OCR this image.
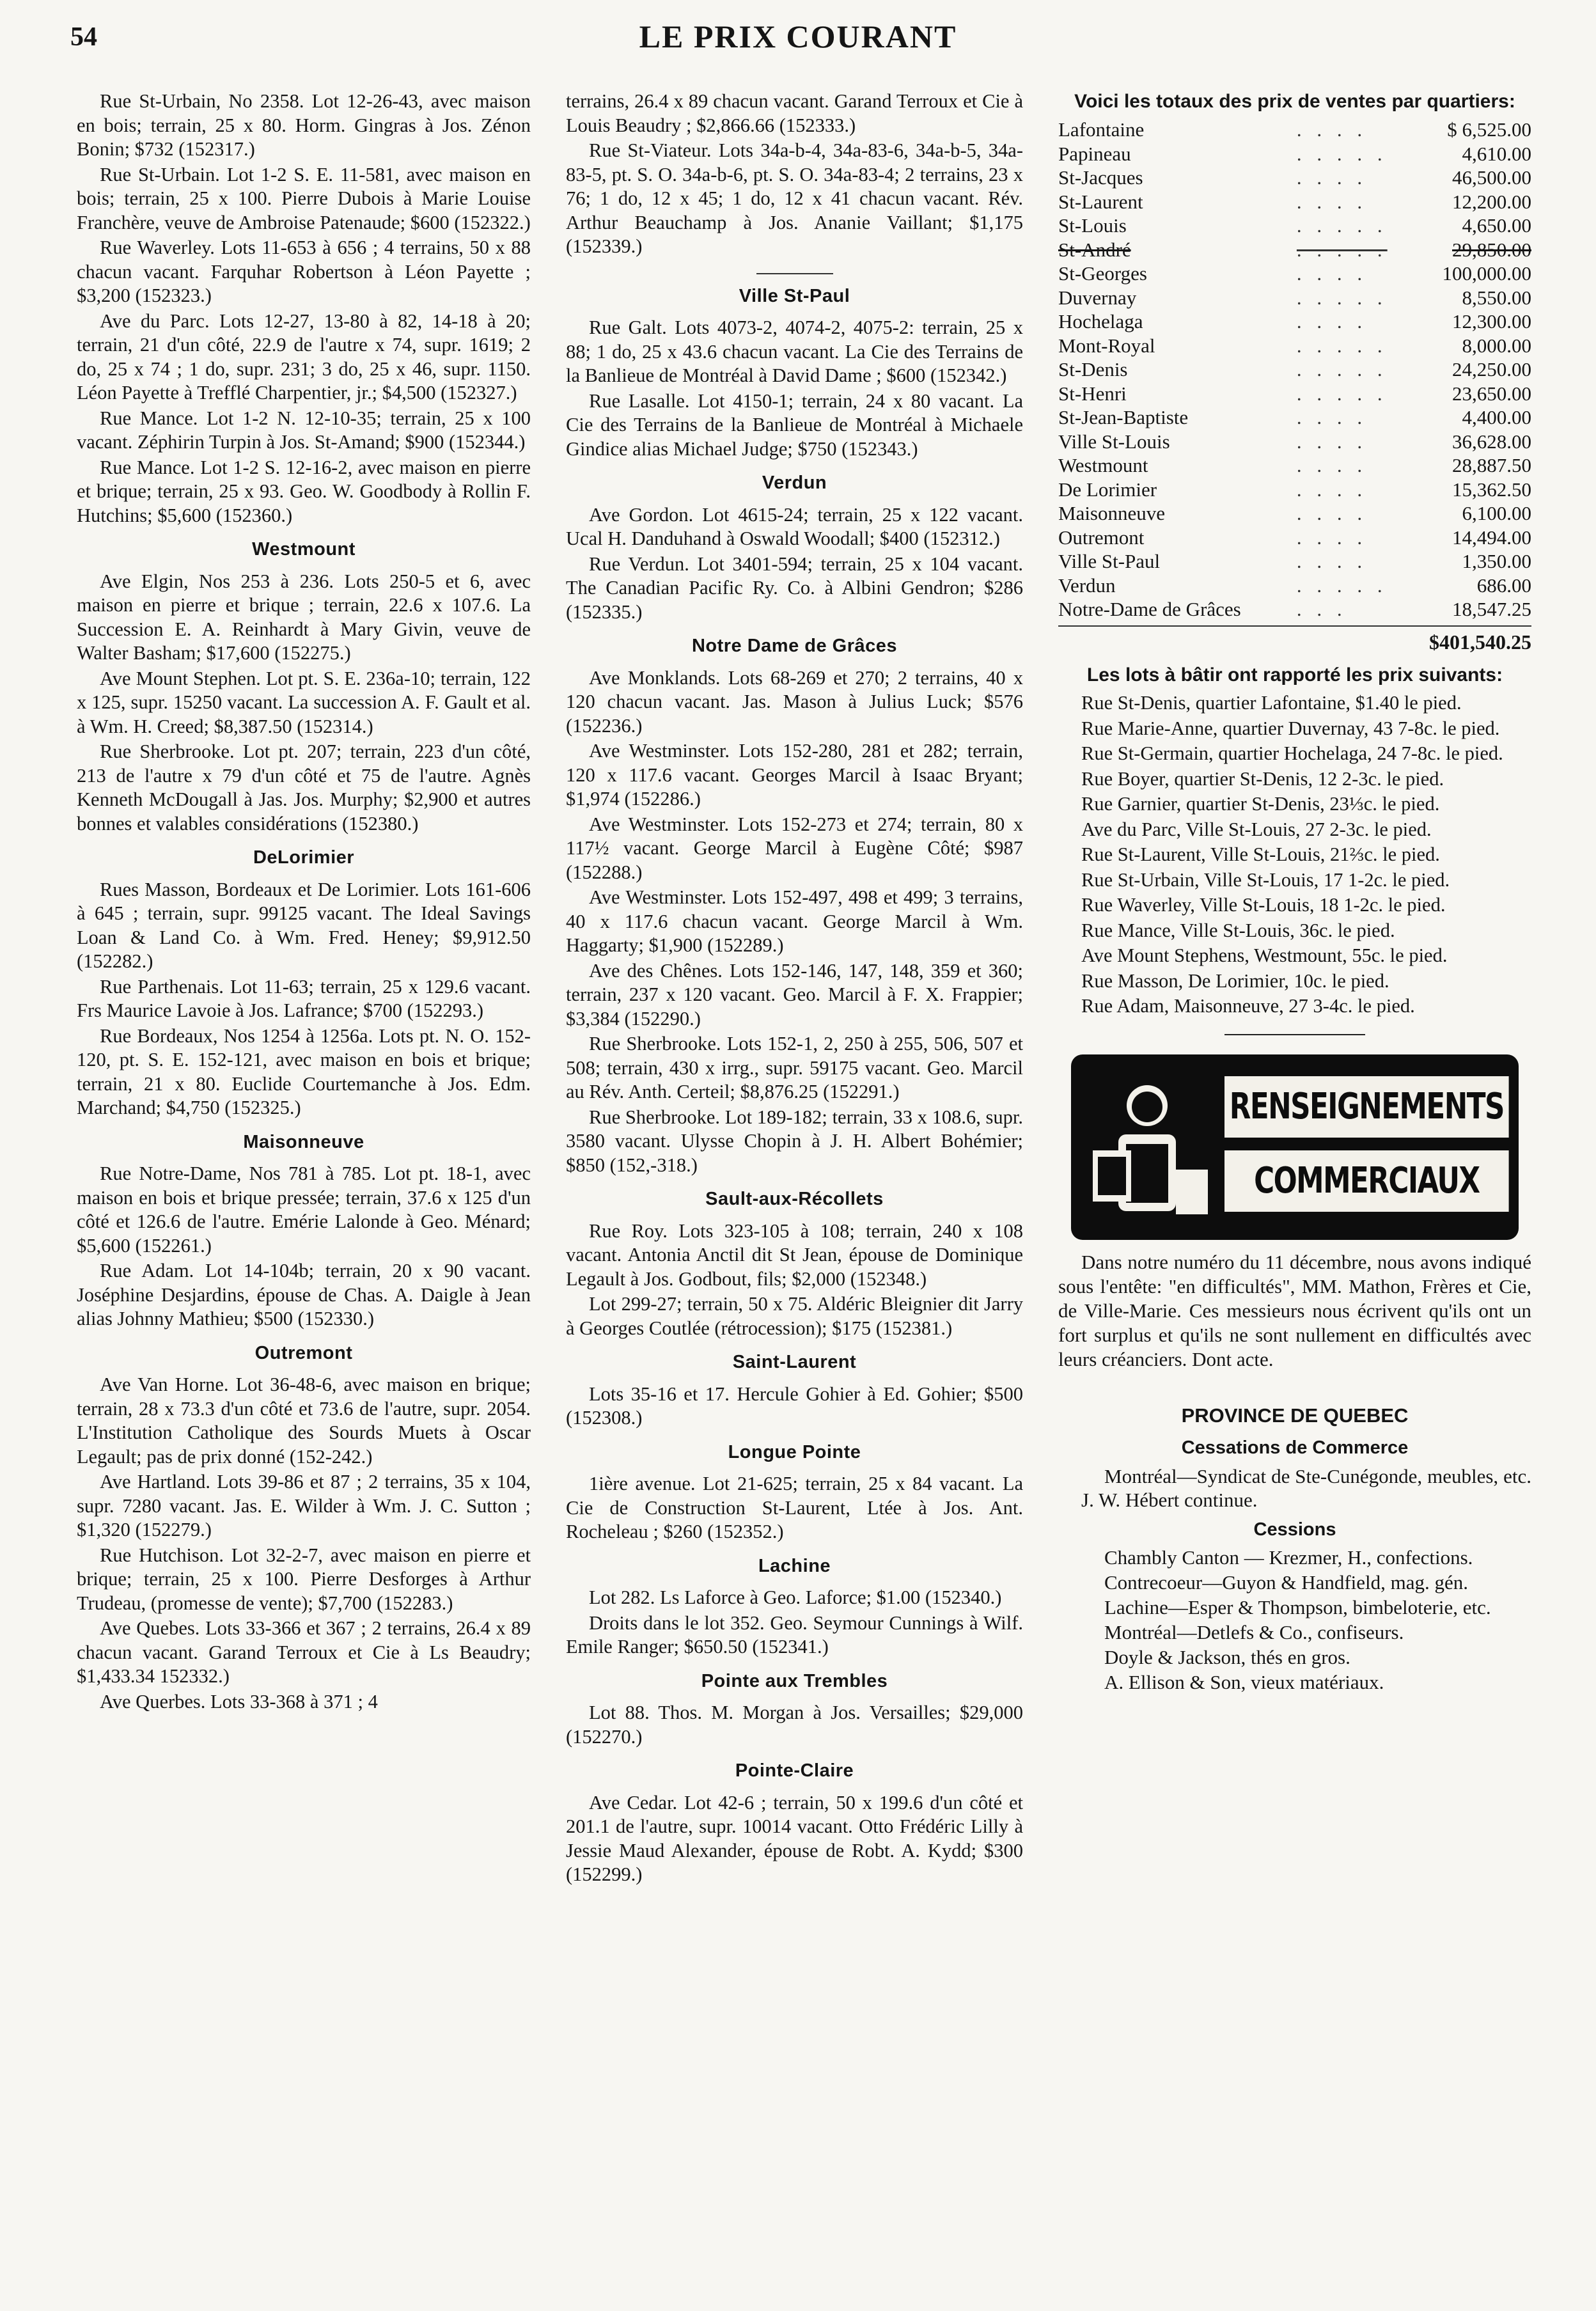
54	LE PRIX COURANT

Rue St-Urbain, No 2358. Lot 12-26-43, avec maison en bois; terrain, 25 x 80. Horm. Gingras à Jos. Zénon Bonin; $732 (152317.)

Rue St-Urbain. Lot 1-2 S. E. 11-581, avec maison en bois; terrain, 25 x 100. Pierre Dubois à Marie Louise Franchère, veuve de Ambroise Patenaude; $600 (152322.)

Rue Waverley. Lots 11-653 à 656 ; 4 terrains, 50 x 88 chacun vacant. Farquhar Robertson à Léon Payette ; $3,200 (152323.)

Ave du Parc. Lots 12-27, 13-80 à 82, 14-18 à 20; terrain, 21 d'un côté, 22.9 de l'autre x 74, supr. 1619; 2 do, 25 x 74 ; 1 do, supr. 231; 3 do, 25 x 46, supr. 1150. Léon Payette à Trefflé Charpentier, jr.; $4,500 (152327.)

Rue Mance. Lot 1-2 N. 12-10-35; terrain, 25 x 100 vacant. Zéphirin Turpin à Jos. St-Amand; $900 (152344.)

Rue Mance. Lot 1-2 S. 12-16-2, avec maison en pierre et brique; terrain, 25 x 93. Geo. W. Goodbody à Rollin F. Hutchins; $5,600 (152360.)

Westmount

Ave Elgin, Nos 253 à 236. Lots 250-5 et 6, avec maison en pierre et brique ; terrain, 22.6 x 107.6. La Succession E. A. Reinhardt à Mary Givin, veuve de Walter Basham; $17,600 (152275.)

Ave Mount Stephen. Lot pt. S. E. 236a-10; terrain, 122 x 125, supr. 15250 vacant. La succession A. F. Gault et al. à Wm. H. Creed; $8,387.50 (152314.)

Rue Sherbrooke. Lot pt. 207; terrain, 223 d'un côté, 213 de l'autre x 79 d'un côté et 75 de l'autre. Agnès Kenneth McDougall à Jas. Jos. Murphy; $2,900 et autres bonnes et valables considérations (152380.)

DeLorimier

Rues Masson, Bordeaux et De Lorimier. Lots 161-606 à 645 ; terrain, supr. 99125 vacant. The Ideal Savings Loan & Land Co. à Wm. Fred. Heney; $9,912.50 (152282.)

Rue Parthenais. Lot 11-63; terrain, 25 x 129.6 vacant. Frs Maurice Lavoie à Jos. Lafrance; $700 (152293.)

Rue Bordeaux, Nos 1254 à 1256a. Lots pt. N. O. 152-120, pt. S. E. 152-121, avec maison en bois et brique; terrain, 21 x 80. Euclide Courtemanche à Jos. Edm. Marchand; $4,750 (152325.)

Maisonneuve

Rue Notre-Dame, Nos 781 à 785. Lot pt. 18-1, avec maison en bois et brique pressée; terrain, 37.6 x 125 d'un côté et 126.6 de l'autre. Emérie Lalonde à Geo. Ménard; $5,600 (152261.)

Rue Adam. Lot 14-104b; terrain, 20 x 90 vacant. Joséphine Desjardins, épouse de Chas. A. Daigle à Jean alias Johnny Mathieu; $500 (152330.)

Outremont

Ave Van Horne. Lot 36-48-6, avec maison en brique; terrain, 28 x 73.3 d'un côté et 73.6 de l'autre, supr. 2054. L'Institution Catholique des Sourds Muets à Oscar Legault; pas de prix donné (152-242.)

Ave Hartland. Lots 39-86 et 87 ; 2 terrains, 35 x 104, supr. 7280 vacant. Jas. E. Wilder à Wm. J. C. Sutton ; $1,320 (152279.)

Rue Hutchison. Lot 32-2-7, avec maison en pierre et brique; terrain, 25 x 100. Pierre Desforges à Arthur Trudeau, (promesse de vente); $7,700 (152283.)

Ave Quebes. Lots 33-366 et 367 ; 2 terrains, 26.4 x 89 chacun vacant. Garand Terroux et Cie à Ls Beaudry; $1,433.34 152332.)

Ave Querbes. Lots 33-368 à 371 ; 4

terrains, 26.4 x 89 chacun vacant. Garand Terroux et Cie à Louis Beaudry ; $2,866.66 (152333.)

Rue St-Viateur. Lots 34a-b-4, 34a-83-6, 34a-b-5, 34a-83-5, pt. S. O. 34a-b-6, pt. S. O. 34a-83-4; 2 terrains, 23 x 76; 1 do, 12 x 45; 1 do, 12 x 41 chacun vacant. Rév. Arthur Beauchamp à Jos. Ananie Vaillant; $1,175 (152339.)

Ville St-Paul

Rue Galt. Lots 4073-2, 4074-2, 4075-2: terrain, 25 x 88; 1 do, 25 x 43.6 chacun vacant. La Cie des Terrains de la Banlieue de Montréal à David Dame ; $600 (152342.)

Rue Lasalle. Lot 4150-1; terrain, 24 x 80 vacant. La Cie des Terrains de la Banlieue de Montréal à Michaele Gindice alias Michael Judge; $750 (152343.)

Verdun

Ave Gordon. Lot 4615-24; terrain, 25 x 122 vacant. Ucal H. Danduhand à Oswald Woodall; $400 (152312.)

Rue Verdun. Lot 3401-594; terrain, 25 x 104 vacant. The Canadian Pacific Ry. Co. à Albini Gendron; $286 (152335.)

Notre Dame de Grâces

Ave Monklands. Lots 68-269 et 270; 2 terrains, 40 x 120 chacun vacant. Jas. Mason à Julius Luck; $576 (152236.)

Ave Westminster. Lots 152-280, 281 et 282; terrain, 120 x 117.6 vacant. Georges Marcil à Isaac Bryant; $1,974 (152286.)

Ave Westminster. Lots 152-273 et 274; terrain, 80 x 117½ vacant. George Marcil à Eugène Côté; $987 (152288.)

Ave Westminster. Lots 152-497, 498 et 499; 3 terrains, 40 x 117.6 chacun vacant. George Marcil à Wm. Haggarty; $1,900 (152289.)

Ave des Chênes. Lots 152-146, 147, 148, 359 et 360; terrain, 237 x 120 vacant. Geo. Marcil à F. X. Frappier; $3,384 (152290.)

Rue Sherbrooke. Lots 152-1, 2, 250 à 255, 506, 507 et 508; terrain, 430 x irrg., supr. 59175 vacant. Geo. Marcil au Rév. Anth. Certeil; $8,876.25 (152291.)

Rue Sherbrooke. Lot 189-182; terrain, 33 x 108.6, supr. 3580 vacant. Ulysse Chopin à J. H. Albert Bohémier; $850 (152,-318.)

Sault-aux-Récollets

Rue Roy. Lots 323-105 à 108; terrain, 240 x 108 vacant. Antonia Anctil dit St Jean, épouse de Dominique Legault à Jos. Godbout, fils; $2,000 (152348.)

Lot 299-27; terrain, 50 x 75. Aldéric Bleignier dit Jarry à Georges Coutlée (rétrocession); $175 (152381.)

Saint-Laurent

Lots 35-16 et 17. Hercule Gohier à Ed. Gohier; $500 (152308.)

Longue Pointe

1ière avenue. Lot 21-625; terrain, 25 x 84 vacant. La Cie de Construction St-Laurent, Ltée à Jos. Ant. Rocheleau ; $260 (152352.)

Lachine

Lot 282. Ls Laforce à Geo. Laforce; $1.00 (152340.)

Droits dans le lot 352. Geo. Seymour Cunnings à Wilf. Emile Ranger; $650.50 (152341.)

Pointe aux Trembles

Lot 88. Thos. M. Morgan à Jos. Versailles; $29,000 (152270.)

Pointe-Claire

Ave Cedar. Lot 42-6 ; terrain, 50 x 199.6 d'un côté et 201.1 de l'autre, supr. 10014 vacant. Otto Frédéric Lilly à Jessie Maud Alexander, épouse de Robt. A. Kydd; $300 (152299.)

Voici les totaux des prix de ventes par quartiers:
Lafontaine	. . . .	$ 6,525.00
Papineau	. . . . .	4,610.00
St-Jacques	. . . .	46,500.00
St-Laurent	. . . .	12,200.00
St-Louis	. . . . .	4,650.00
St-André	. . . . .	29,850.00
St-Georges	. . . .	100,000.00
Duvernay	. . . . .	8,550.00
Hochelaga	. . . .	12,300.00
Mont-Royal	. . . . .	8,000.00
St-Denis	. . . . .	24,250.00
St-Henri	. . . . .	23,650.00
St-Jean-Baptiste	. . . .	4,400.00
Ville St-Louis	. . . .	36,628.00
Westmount	. . . .	28,887.50
De Lorimier	. . . .	15,362.50
Maisonneuve	. . . .	6,100.00
Outremont	. . . .	14,494.00
Ville St-Paul	. . . .	1,350.00
Verdun	. . . . .	686.00
Notre-Dame de Grâces	. . .	18,547.25
$401,540.25
Les lots à bâtir ont rapporté les prix suivants:

Rue St-Denis, quartier Lafontaine, $1.40 le pied.

Rue Marie-Anne, quartier Duvernay, 43 7-8c. le pied.

Rue St-Germain, quartier Hochelaga, 24 7-8c. le pied.

Rue Boyer, quartier St-Denis, 12 2-3c. le pied.

Rue Garnier, quartier St-Denis, 23⅓c. le pied.

Ave du Parc, Ville St-Louis, 27 2-3c. le pied.

Rue St-Laurent, Ville St-Louis, 21⅔c. le pied.

Rue St-Urbain, Ville St-Louis, 17 1-2c. le pied.

Rue Waverley, Ville St-Louis, 18 1-2c. le pied.

Rue Mance, Ville St-Louis, 36c. le pied.

Ave Mount Stephens, Westmount, 55c. le pied.

Rue Masson, De Lorimier, 10c. le pied.

Rue Adam, Maisonneuve, 27 3-4c. le pied.

RENSEIGNEMENTS
COMMERCIAUX

Dans notre numéro du 11 décembre, nous avons indiqué sous l'entête: "en difficultés", MM. Mathon, Frères et Cie, de Ville-Marie. Ces messieurs nous écrivent qu'ils ont un fort surplus et qu'ils ne sont nullement en difficultés avec leurs créanciers. Dont acte.

PROVINCE DE QUEBEC
Cessations de Commerce

Montréal—Syndicat de Ste-Cunégonde, meubles, etc. J. W. Hébert continue.

Cessions

Chambly Canton — Krezmer, H., confections.

Contrecoeur—Guyon & Handfield, mag. gén.

Lachine—Esper & Thompson, bimbeloterie, etc.

Montréal—Detlefs & Co., confiseurs.

Doyle & Jackson, thés en gros.

A. Ellison & Son, vieux matériaux.
